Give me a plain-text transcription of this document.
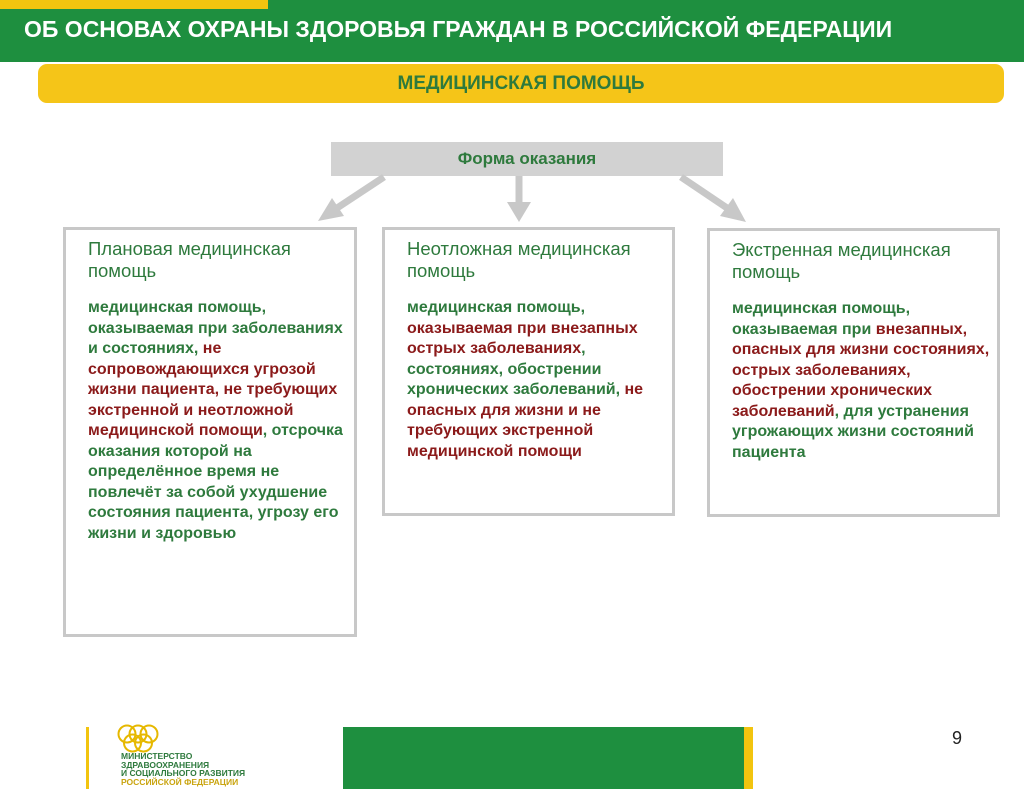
ОБ ОСНОВАХ ОХРАНЫ ЗДОРОВЬЯ ГРАЖДАН В РОССИЙСКОЙ ФЕДЕРАЦИИ
МЕДИЦИНСКАЯ ПОМОЩЬ
Форма оказания
Плановая медицинская помощь

медицинская помощь, оказываемая при заболеваниях и состояниях, не сопровождающихся угрозой жизни пациента, не требующих экстренной и неотложной медицинской помощи, отсрочка оказания которой на определённое время не повлечёт за собой ухудшение состояния пациента, угрозу его жизни и здоровью

Неотложная медицинская помощь

медицинская помощь, оказываемая при внезапных острых заболеваниях, состояниях, обострении хронических заболеваний, не опасных для жизни и не требующих экстренной медицинской помощи

Экстренная медицинская помощь

медицинская помощь, оказываемая при внезапных, опасных для жизни состояниях, острых заболеваниях, обострении хронических заболеваний, для устранения угрожающих жизни состояний пациента

МИНИСТЕРСТВО
ЗДРАВООХРАНЕНИЯ
И СОЦИАЛЬНОГО РАЗВИТИЯ
РОССИЙСКОЙ ФЕДЕРАЦИИ
9
